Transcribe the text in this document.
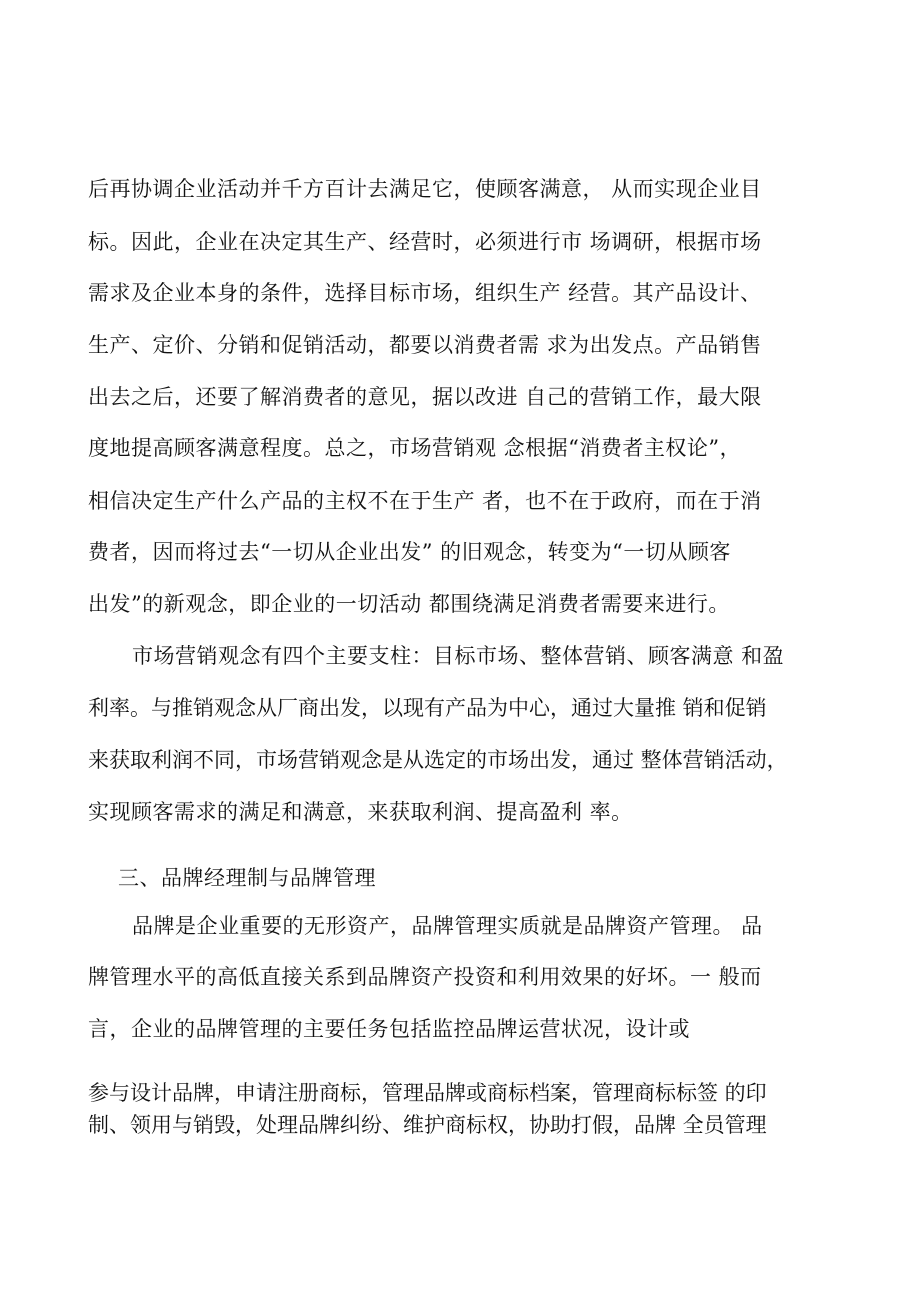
后再协调企业活动并千方百计去满足它，使顾客满意， 从而实现企业目
标。因此，企业在决定其生产、经营时，必须进行市 场调研，根据市场
需求及企业本身的条件，选择目标市场，组织生产 经营。其产品设计、
生产、定价、分销和促销活动，都要以消费者需 求为出发点。产品销售
出去之后，还要了解消费者的意见，据以改进 自己的营销工作，最大限
度地提高顾客满意程度。总之，市场营销观 念根据“消费者主权论”，
相信决定生产什么产品的主权不在于生产 者，也不在于政府，而在于消
费者，因而将过去“一切从企业出发” 的旧观念，转变为“一切从顾客
出发”的新观念，即企业的一切活动 都围绕满足消费者需要来进行。
市场营销观念有四个主要支柱：目标市场、整体营销、顾客满意 和盈
利率。与推销观念从厂商出发，以现有产品为中心，通过大量推 销和促销
来获取利润不同，市场营销观念是从选定的市场出发，通过 整体营销活动，
实现顾客需求的满足和满意，来获取利润、提高盈利 率。
三、品牌经理制与品牌管理
品牌是企业重要的无形资产，品牌管理实质就是品牌资产管理。 品
牌管理水平的高低直接关系到品牌资产投资和利用效果的好坏。一 般而
言，企业的品牌管理的主要任务包括监控品牌运营状况，设计或
参与设计品牌，申请注册商标，管理品牌或商标档案，管理商标标签 的印
制、领用与销毁，处理品牌纠纷、维护商标权，协助打假，品牌 全员管理
